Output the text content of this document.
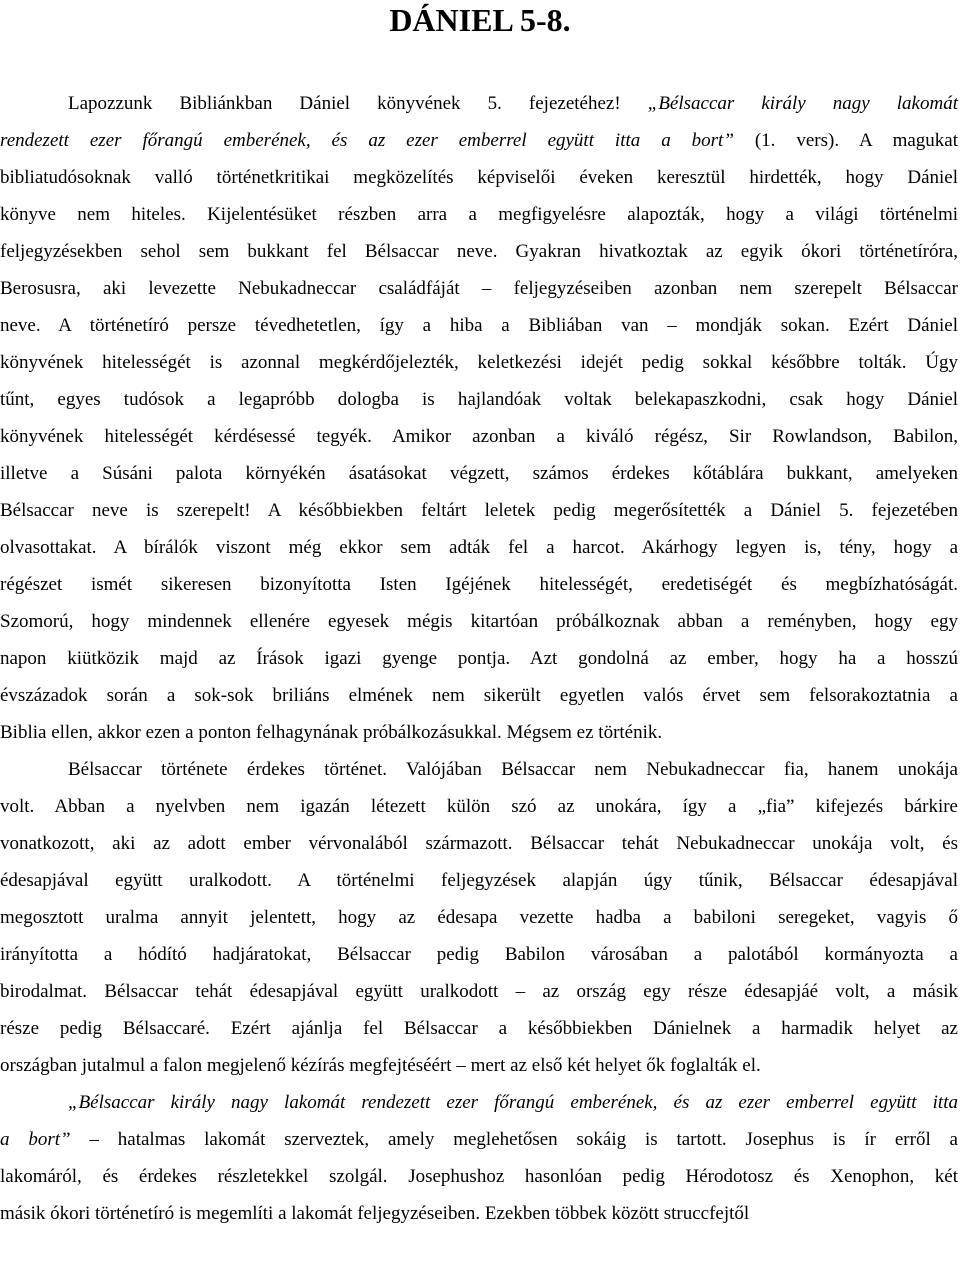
DÁNIEL 5-8.
Lapozzunk Bibliánkban Dániel könyvének 5. fejezetéhez! „Bélsaccar király nagy lakomát
rendezett ezer főrangú emberének, és az ezer emberrel együtt itta a bort” (1. vers). A magukat
bibliatudósoknak valló történetkritikai megközelítés képviselői éveken keresztül hirdették, hogy Dániel
könyve nem hiteles. Kijelentésüket részben arra a megfigyelésre alapozták, hogy a világi történelmi
feljegyzésekben sehol sem bukkant fel Bélsaccar neve. Gyakran hivatkoztak az egyik ókori történetíróra,
Berosusra, aki levezette Nebukadneccar családfáját – feljegyzéseiben azonban nem szerepelt Bélsaccar
neve. A történetíró persze tévedhetetlen, így a hiba a Bibliában van – mondják sokan. Ezért Dániel
könyvének hitelességét is azonnal megkérdőjelezték, keletkezési idejét pedig sokkal későbbre tolták. Úgy
tűnt, egyes tudósok a legapróbb dologba is hajlandóak voltak belekapaszkodni, csak hogy Dániel
könyvének hitelességét kérdésessé tegyék. Amikor azonban a kiváló régész, Sir Rowlandson, Babilon,
illetve a Súsáni palota környékén ásatásokat végzett, számos érdekes kőtáblára bukkant, amelyeken
Bélsaccar neve is szerepelt! A későbbiekben feltárt leletek pedig megerősítették a Dániel 5. fejezetében
olvasottakat. A bírálók viszont még ekkor sem adták fel a harcot. Akárhogy legyen is, tény, hogy a
régészet ismét sikeresen bizonyította Isten Igéjének hitelességét, eredetiségét és megbízhatóságát.
Szomorú, hogy mindennek ellenére egyesek mégis kitartóan próbálkoznak abban a reményben, hogy egy
napon kiütközik majd az Írások igazi gyenge pontja. Azt gondolná az ember, hogy ha a hosszú
évszázadok során a sok-sok briliáns elmének nem sikerült egyetlen valós érvet sem felsorakoztatnia a
Biblia ellen, akkor ezen a ponton felhagynának próbálkozásukkal. Mégsem ez történik.
Bélsaccar története érdekes történet. Valójában Bélsaccar nem Nebukadneccar fia, hanem unokája
volt. Abban a nyelvben nem igazán létezett külön szó az unokára, így a „fia” kifejezés bárkire
vonatkozott, aki az adott ember vérvonalából származott. Bélsaccar tehát Nebukadneccar unokája volt, és
édesapjával együtt uralkodott. A történelmi feljegyzések alapján úgy tűnik, Bélsaccar édesapjával
megosztott uralma annyit jelentett, hogy az édesapa vezette hadba a babiloni seregeket, vagyis ő
irányította a hódító hadjáratokat, Bélsaccar pedig Babilon városában a palotából kormányozta a
birodalmat. Bélsaccar tehát édesapjával együtt uralkodott – az ország egy része édesapjáé volt, a másik
része pedig Bélsaccaré. Ezért ajánlja fel Bélsaccar a későbbiekben Dánielnek a harmadik helyet az
országban jutalmul a falon megjelenő kézírás megfejtéséért – mert az első két helyet ők foglalták el.
„Bélsaccar király nagy lakomát rendezett ezer főrangú emberének, és az ezer emberrel együtt itta
a bort” – hatalmas lakomát szerveztek, amely meglehetősen sokáig is tartott. Josephus is ír erről a
lakomáról, és érdekes részletekkel szolgál. Josephushoz hasonlóan pedig Hérodotosz és Xenophon, két
másik ókori történetíró is megemlíti a lakomát feljegyzéseiben. Ezekben többek között struccfejtől
